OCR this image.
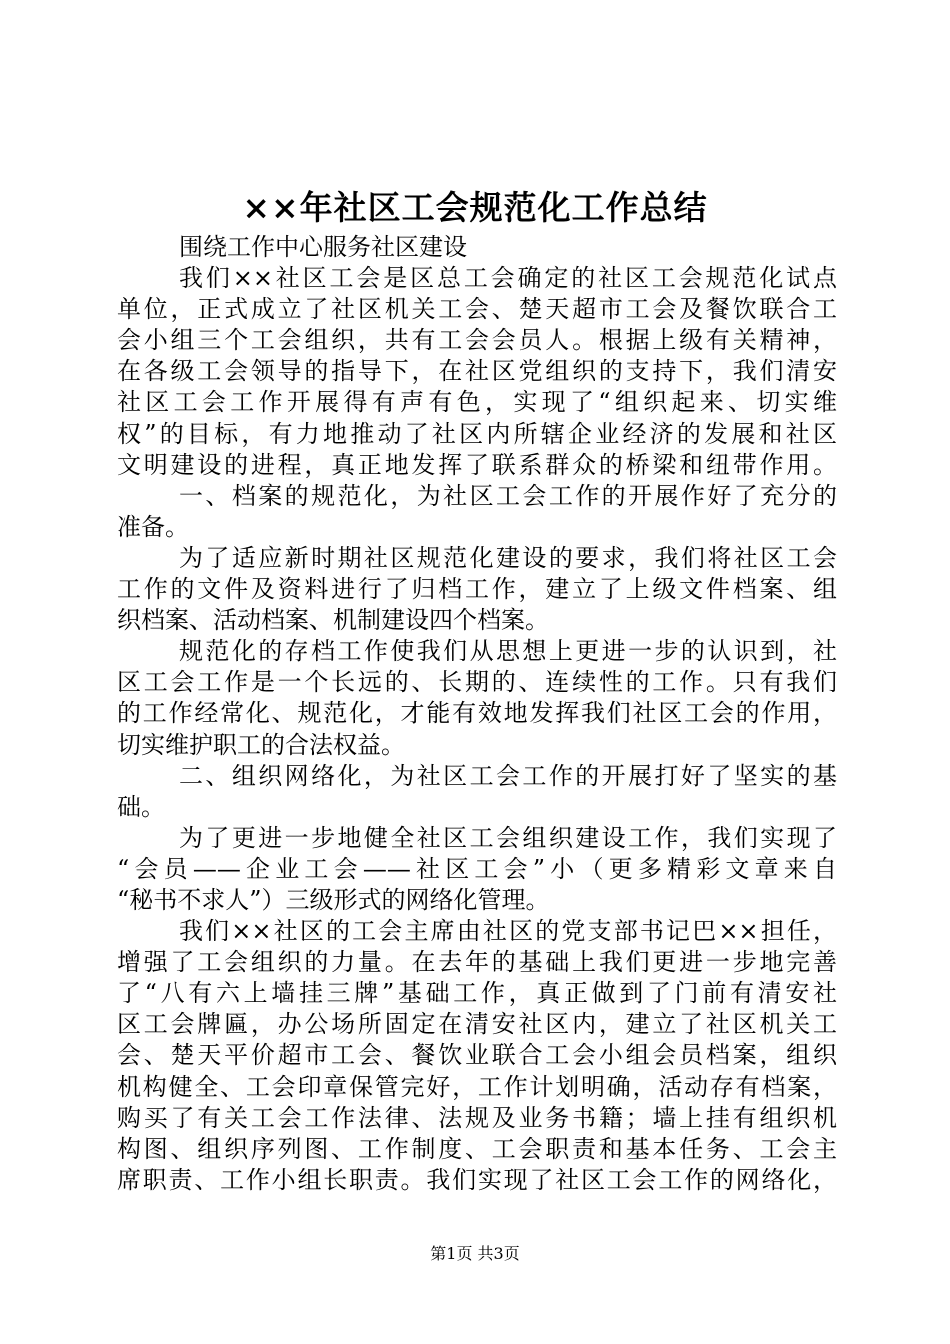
××年社区工会规范化工作总结
围绕工作中心服务社区建设
我们××社区工会是区总工会确定的社区工会规范化试点
单位，正式成立了社区机关工会、楚天超市工会及餐饮联合工
会小组三个工会组织，共有工会会员人。根据上级有关精神，
在各级工会领导的指导下，在社区党组织的支持下，我们清安
社区工会工作开展得有声有色，实现了“组织起来、切实维
权”的目标，有力地推动了社区内所辖企业经济的发展和社区
文明建设的进程，真正地发挥了联系群众的桥梁和纽带作用。
一、档案的规范化，为社区工会工作的开展作好了充分的
准备。
为了适应新时期社区规范化建设的要求，我们将社区工会
工作的文件及资料进行了归档工作，建立了上级文件档案、组
织档案、活动档案、机制建设四个档案。
规范化的存档工作使我们从思想上更进一步的认识到，社
区工会工作是一个长远的、长期的、连续性的工作。只有我们
的工作经常化、规范化，才能有效地发挥我们社区工会的作用，
切实维护职工的合法权益。
二、组织网络化，为社区工会工作的开展打好了坚实的基
础。
为了更进一步地健全社区工会组织建设工作，我们实现了
“会员——企业工会——社区工会”小（更多精彩文章来自
“秘书不求人”）三级形式的网络化管理。
我们××社区的工会主席由社区的党支部书记巴××担任，
增强了工会组织的力量。在去年的基础上我们更进一步地完善
了“八有六上墙挂三牌”基础工作，真正做到了门前有清安社
区工会牌匾，办公场所固定在清安社区内，建立了社区机关工
会、楚天平价超市工会、餐饮业联合工会小组会员档案，组织
机构健全、工会印章保管完好，工作计划明确，活动存有档案，
购买了有关工会工作法律、法规及业务书籍；墙上挂有组织机
构图、组织序列图、工作制度、工会职责和基本任务、工会主
席职责、工作小组长职责。我们实现了社区工会工作的网络化，
第1页 共3页
